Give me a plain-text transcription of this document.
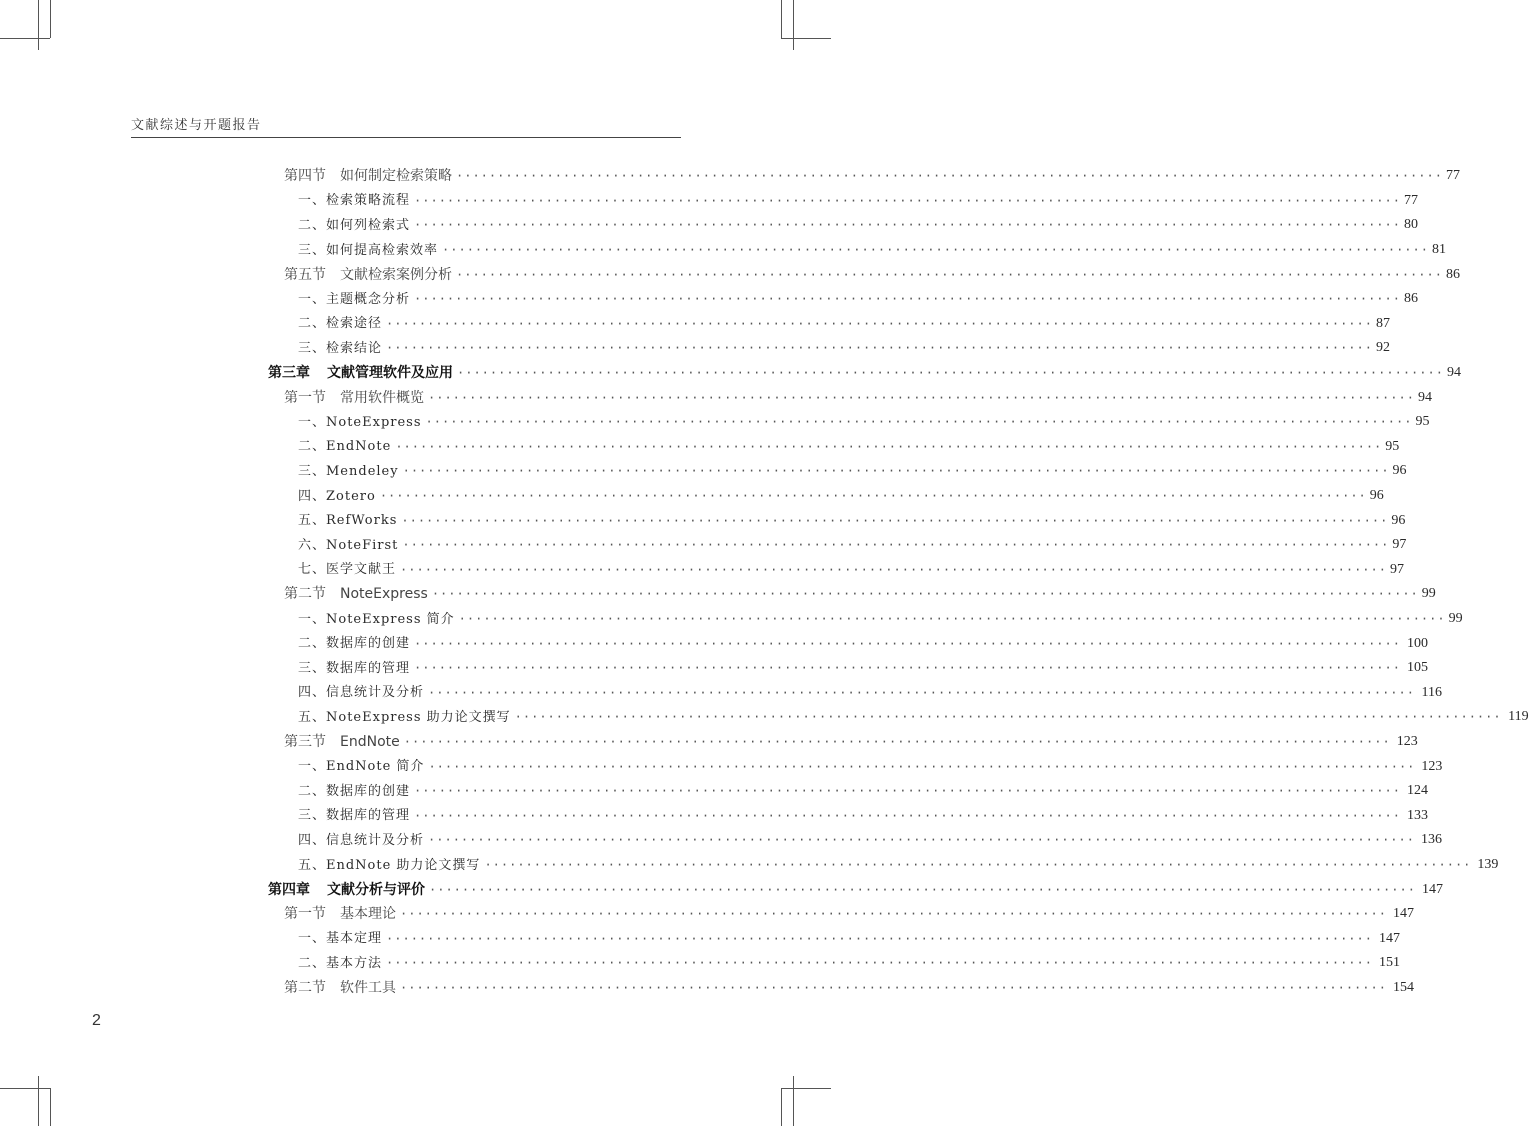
文献综述与开题报告
第四节 如何制定检索策略 ························································································································ 77
一、检索策略流程 ························································································································ 77
二、如何列检索式 ························································································································ 80
三、如何提高检索效率 ························································································································ 81
第五节 文献检索案例分析 ························································································································ 86
一、主题概念分析 ························································································································ 86
二、检索途径 ························································································································ 87
三、检索结论 ························································································································ 92
第三章 文献管理软件及应用 ························································································································ 94
第一节 常用软件概览 ························································································································ 94
一、NoteExpress ························································································································ 95
二、EndNote ························································································································ 95
三、Mendeley ························································································································ 96
四、Zotero ························································································································ 96
五、RefWorks ························································································································ 96
六、NoteFirst ························································································································ 97
七、医学文献王 ························································································································ 97
第二节 NoteExpress ························································································································ 99
一、NoteExpress 简介 ························································································································ 99
二、数据库的创建 ························································································································ 100
三、数据库的管理 ························································································································ 105
四、信息统计及分析 ························································································································ 116
五、NoteExpress 助力论文撰写 ························································································································ 119
第三节 EndNote ························································································································ 123
一、EndNote 简介 ························································································································ 123
二、数据库的创建 ························································································································ 124
三、数据库的管理 ························································································································ 133
四、信息统计及分析 ························································································································ 136
五、EndNote 助力论文撰写 ························································································································ 139
第四章 文献分析与评价 ························································································································ 147
第一节 基本理论 ························································································································ 147
一、基本定理 ························································································································ 147
二、基本方法 ························································································································ 151
第二节 软件工具 ························································································································ 154
2
